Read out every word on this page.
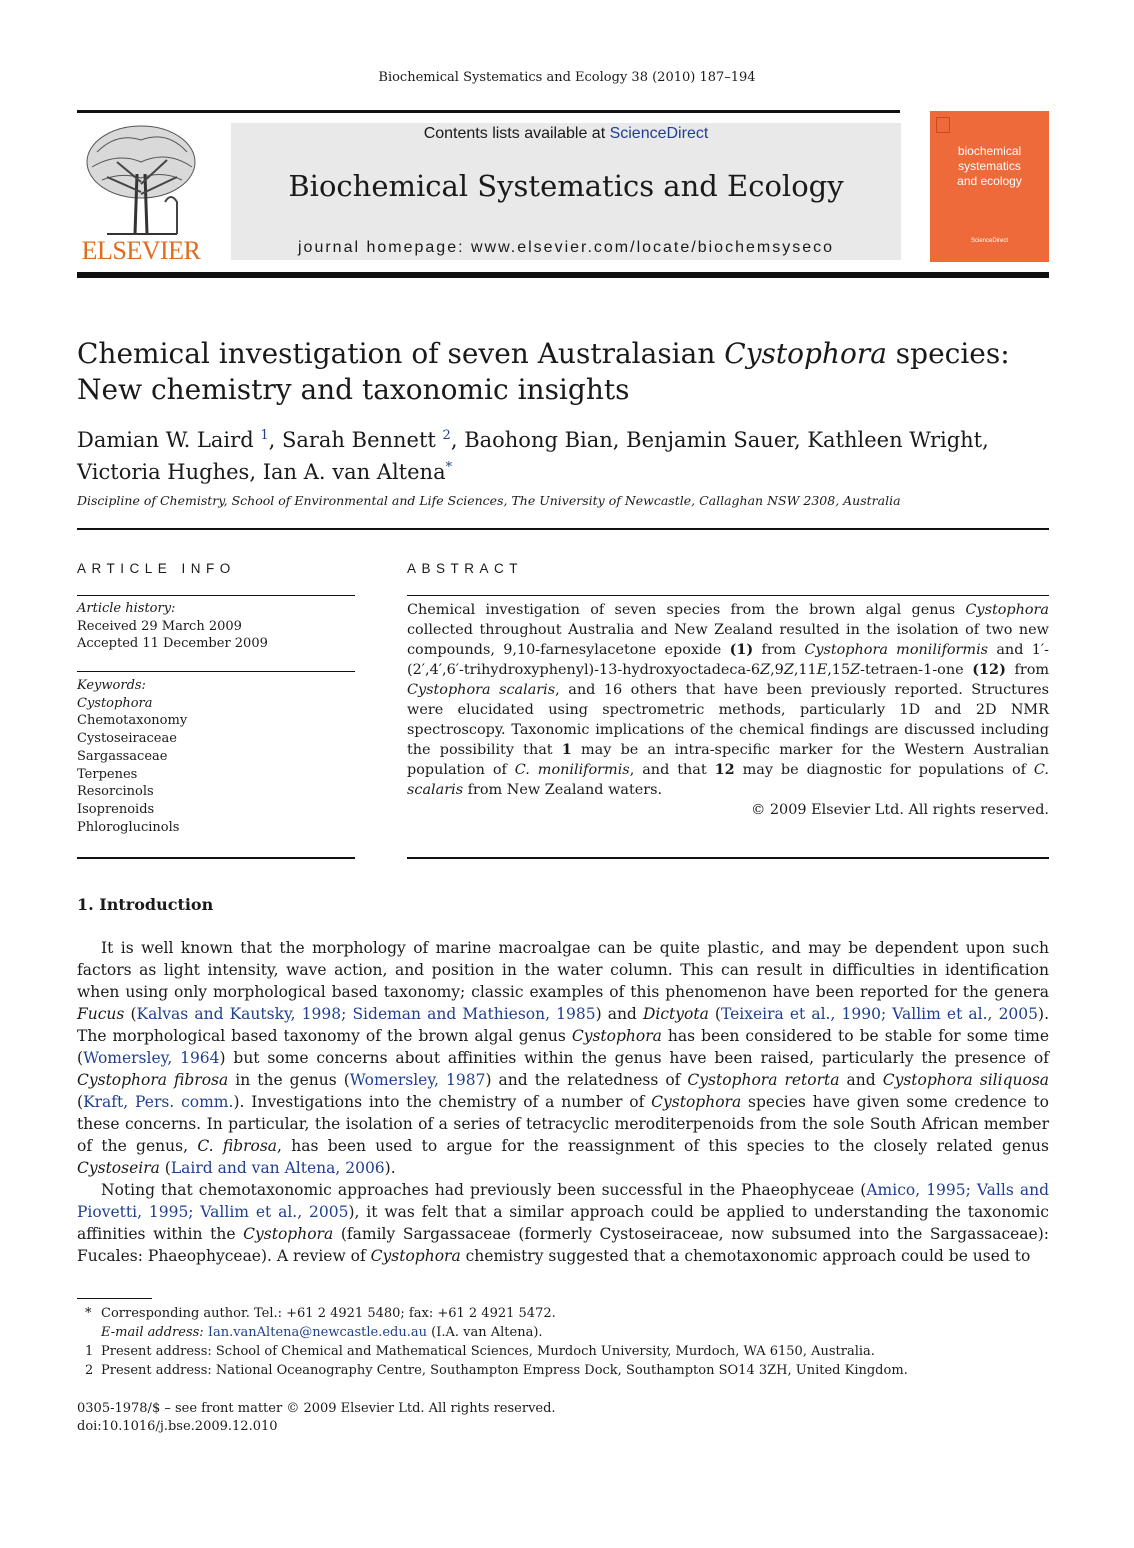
Biochemical Systematics and Ecology 38 (2010) 187–194
ELSEVIER
Contents lists available at ScienceDirect
Biochemical Systematics and Ecology
journal homepage: www.elsevier.com/locate/biochemsyseco
biochemical
systematics
and ecology
ScienceDirect
Chemical investigation of seven Australasian Cystophora species: New chemistry and taxonomic insights
Damian W. Laird $^1$, Sarah Bennett $^2$, Baohong Bian, Benjamin Sauer, Kathleen Wright,
Victoria Hughes, Ian A. van Altena*
Discipline of Chemistry, School of Environmental and Life Sciences, The University of Newcastle, Callaghan NSW 2308, Australia
ARTICLE INFO
Article history:
Received 29 March 2009
Accepted 11 December 2009
Keywords:
Cystophora
Chemotaxonomy
Cystoseiraceae
Sargassaceae
Terpenes
Resorcinols
Isoprenoids
Phloroglucinols
ABSTRACT
Chemical investigation of seven species from the brown algal genus Cystophora collected throughout Australia and New Zealand resulted in the isolation of two new compounds, 9,10-farnesylacetone epoxide (1) from Cystophora moniliformis and 1′-(2′,4′,6′-trihydroxyphenyl)-13-hydroxyoctadeca-6Z,9Z,11E,15Z-tetraen-1-one (12) from Cystophora scalaris, and 16 others that have been previously reported. Structures were elucidated using spectrometric methods, particularly 1D and 2D NMR spectroscopy. Taxonomic implications of the chemical findings are discussed including the possibility that 1 may be an intra-specific marker for the Western Australian population of C. moniliformis, and that 12 may be diagnostic for populations of C. scalaris from New Zealand waters.
© 2009 Elsevier Ltd. All rights reserved.
1. Introduction

It is well known that the morphology of marine macroalgae can be quite plastic, and may be dependent upon such factors as light intensity, wave action, and position in the water column. This can result in difficulties in identification when using only morphological based taxonomy; classic examples of this phenomenon have been reported for the genera Fucus (Kalvas and Kautsky, 1998; Sideman and Mathieson, 1985) and Dictyota (Teixeira et al., 1990; Vallim et al., 2005). The morphological based taxonomy of the brown algal genus Cystophora has been considered to be stable for some time (Womersley, 1964) but some concerns about affinities within the genus have been raised, particularly the presence of Cystophora fibrosa in the genus (Womersley, 1987) and the relatedness of Cystophora retorta and Cystophora siliquosa (Kraft, Pers. comm.). Investigations into the chemistry of a number of Cystophora species have given some credence to these concerns. In particular, the isolation of a series of tetracyclic meroditerpenoids from the sole South African member of the genus, C. fibrosa, has been used to argue for the reassignment of this species to the closely related genus Cystoseira (Laird and van Altena, 2006).

Noting that chemotaxonomic approaches had previously been successful in the Phaeophyceae (Amico, 1995; Valls and Piovetti, 1995; Vallim et al., 2005), it was felt that a similar approach could be applied to understanding the taxonomic affinities within the Cystophora (family Sargassaceae (formerly Cystoseiraceae, now subsumed into the Sargassaceae): Fucales: Phaeophyceae). A review of Cystophora chemistry suggested that a chemotaxonomic approach could be used to

* Corresponding author. Tel.: +61 2 4921 5480; fax: +61 2 4921 5472.
E-mail address: Ian.vanAltena@newcastle.edu.au (I.A. van Altena).
1 Present address: School of Chemical and Mathematical Sciences, Murdoch University, Murdoch, WA 6150, Australia.
2 Present address: National Oceanography Centre, Southampton Empress Dock, Southampton SO14 3ZH, United Kingdom.
0305-1978/$ – see front matter © 2009 Elsevier Ltd. All rights reserved.
doi:10.1016/j.bse.2009.12.010
